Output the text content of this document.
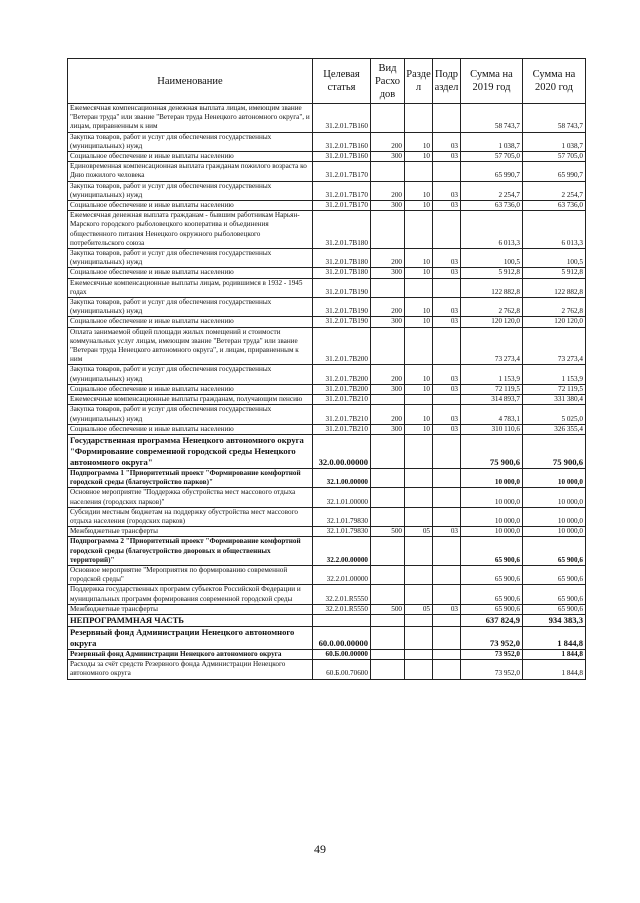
Наименование	Целевая статья	Вид Расхо дов	Разде л	Подр аздел	Сумма на 2019 год	Сумма на 2020 год
Ежемесячная компенсационная денежная выплата лицам, имеющим звание "Ветеран труда" или звание "Ветеран труда Ненецкого автономного округа", и лицам, приравненным к ним	31.2.01.7В160				58 743,7	58 743,7
Закупка товаров, работ и услуг для обеспечения государственных (муниципальных) нужд	31.2.01.7В160	200	10	03	1 038,7	1 038,7
Социальное обеспечение и иные выплаты населению	31.2.01.7В160	300	10	03	57 705,0	57 705,0
Единовременная компенсационная выплата гражданам пожилого возраста ко Дню пожилого человека	31.2.01.7В170				65 990,7	65 990,7
Закупка товаров, работ и услуг для обеспечения государственных (муниципальных) нужд	31.2.01.7В170	200	10	03	2 254,7	2 254,7
Социальное обеспечение и иные выплаты населению	31.2.01.7В170	300	10	03	63 736,0	63 736,0
Ежемесячная денежная выплата гражданам - бывшим работникам Нарьян-Марского городского рыболовецкого кооператива и объединения общественного питания Ненецкого окружного рыболовецкого потребительского союза	31.2.01.7В180				6 013,3	6 013,3
Закупка товаров, работ и услуг для обеспечения государственных (муниципальных) нужд	31.2.01.7В180	200	10	03	100,5	100,5
Социальное обеспечение и иные выплаты населению	31.2.01.7В180	300	10	03	5 912,8	5 912,8
Ежемесячные компенсационные выплаты лицам, родившимся в 1932 - 1945 годах	31.2.01.7В190				122 882,8	122 882,8
Закупка товаров, работ и услуг для обеспечения государственных (муниципальных) нужд	31.2.01.7В190	200	10	03	2 762,8	2 762,8
Социальное обеспечение и иные выплаты населению	31.2.01.7В190	300	10	03	120 120,0	120 120,0
Оплата занимаемой общей площади жилых помещений и стоимости коммунальных услуг лицам, имеющим звание "Ветеран труда" или звание "Ветеран труда Ненецкого автономного округа", и лицам, приравненным к ним	31.2.01.7В200				73 273,4	73 273,4
Закупка товаров, работ и услуг для обеспечения государственных (муниципальных) нужд	31.2.01.7В200	200	10	03	1 153,9	1 153,9
Социальное обеспечение и иные выплаты населению	31.2.01.7В200	300	10	03	72 119,5	72 119,5
Ежемесячные компенсационные выплаты гражданам, получающим пенсию	31.2.01.7В210				314 893,7	331 380,4
Закупка товаров, работ и услуг для обеспечения государственных (муниципальных) нужд	31.2.01.7В210	200	10	03	4 783,1	5 025,0
Социальное обеспечение и иные выплаты населению	31.2.01.7В210	300	10	03	310 110,6	326 355,4
Государственная программа Ненецкого автономного округа "Формирование современной городской среды Ненецкого автономного округа"	32.0.00.00000				75 900,6	75 900,6
Подпрограмма 1 "Приоритетный проект "Формирование комфортной городской среды (благоустройство парков)"	32.1.00.00000				10 000,0	10 000,0
Основное мероприятие "Поддержка обустройства мест массового отдыха населения (городских парков)"	32.1.01.00000				10 000,0	10 000,0
Субсидии местным бюджетам на поддержку обустройства мест массового отдыха населения (городских парков)	32.1.01.79830				10 000,0	10 000,0
Межбюджетные трансферты	32.1.01.79830	500	05	03	10 000,0	10 000,0
Подпрограмма 2 "Приоритетный проект "Формирование комфортной городской среды (благоустройство дворовых и общественных территорий)"	32.2.00.00000				65 900,6	65 900,6
Основное мероприятие "Мероприятия по формированию современной городской среды"	32.2.01.00000				65 900,6	65 900,6
Поддержка государственных программ субъектов Российской Федерации и муниципальных программ формирования современной городской среды	32.2.01.R5550				65 900,6	65 900,6
Межбюджетные трансферты	32.2.01.R5550	500	05	03	65 900,6	65 900,6
НЕПРОГРАММНАЯ ЧАСТЬ					637 824,9	934 383,3
Резервный фонд Администрации Ненецкого автономного округа	60.0.00.00000				73 952,0	1 844,8
Резервный фонд Администрации Ненецкого автономного округа	60.Б.00.00000				73 952,0	1 844,8
Расходы за счёт средств Резервного фонда Администрации Ненецкого автономного округа	60.Б.00.70600				73 952,0	1 844,8
49
